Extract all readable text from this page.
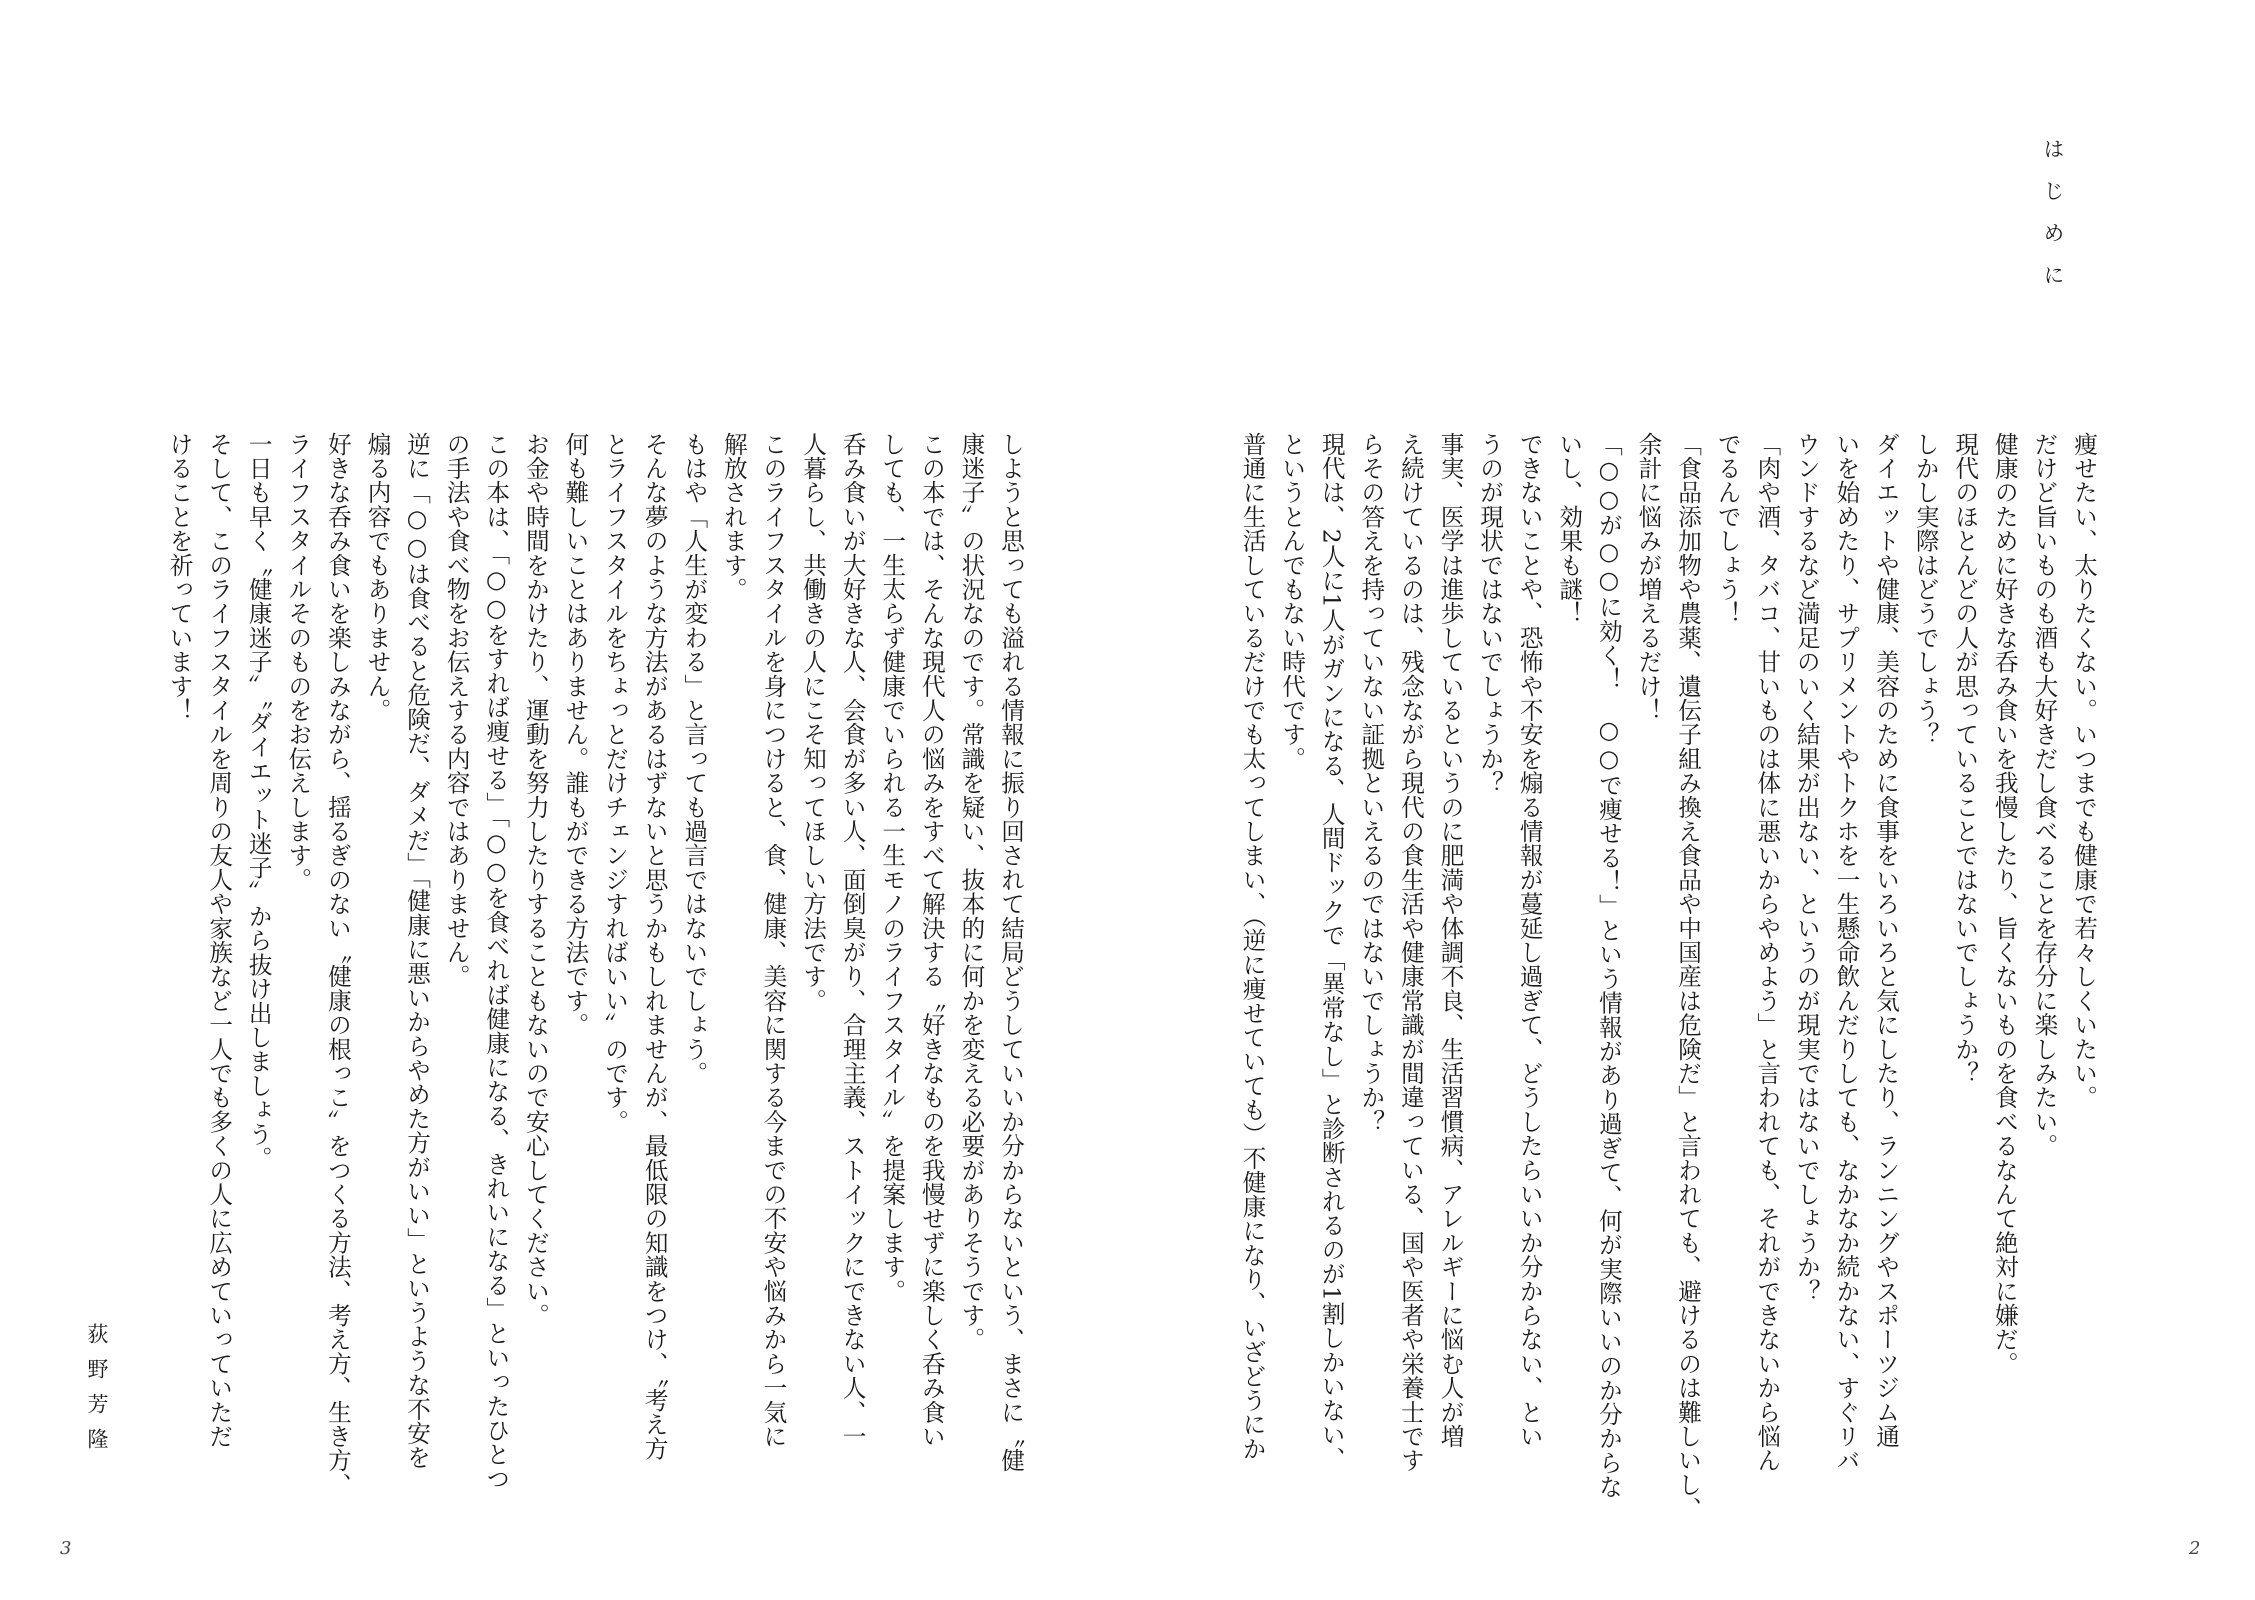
はじめに
痩せたい、太りたくない。いつまでも健康で若々しくいたい。
だけど旨いものも酒も大好きだし食べることを存分に楽しみたい。
健康のために好きな呑み食いを我慢したり、旨くないものを食べるなんて絶対に嫌だ。
現代のほとんどの人が思っていることではないでしょうか？
しかし実際はどうでしょう？
ダイエットや健康、美容のために食事をいろいろと気にしたり、ランニングやスポーツジム通
いを始めたり、サプリメントやトクホを一生懸命飲んだりしても、なかなか続かない、すぐリバ
ウンドするなど満足のいく結果が出ない、というのが現実ではないでしょうか？
「肉や酒、タバコ、甘いものは体に悪いからやめよう」と言われても、それができないから悩ん
でるんでしょう！
「食品添加物や農薬、遺伝子組み換え食品や中国産は危険だ」と言われても、避けるのは難しいし、
余計に悩みが増えるだけ！
「○○が○○に効く！　○○で痩せる！」という情報があり過ぎて、何が実際いいのか分からな
いし、効果も謎！
できないことや、恐怖や不安を煽る情報が蔓延し過ぎて、どうしたらいいか分からない、とい
うのが現状ではないでしょうか？
事実、医学は進歩しているというのに肥満や体調不良、生活習慣病、アレルギーに悩む人が増
え続けているのは、残念ながら現代の食生活や健康常識が間違っている、国や医者や栄養士です
らその答えを持っていない証拠といえるのではないでしょうか？
現代は、2人に1人がガンになる、人間ドックで「異常なし」と診断されるのが1割しかいない、
というとんでもない時代です。
普通に生活しているだけでも太ってしまい、（逆に痩せていても）不健康になり、いざどうにか
2
しようと思っても溢れる情報に振り回されて結局どうしていいか分からないという、まさに〝健
康迷子〟の状況なのです。常識を疑い、抜本的に何かを変える必要がありそうです。
この本では、そんな現代人の悩みをすべて解決する〝好きなものを我慢せずに楽しく呑み食い
しても、一生太らず健康でいられる一生モノのライフスタイル〟を提案します。
呑み食いが大好きな人、会食が多い人、面倒臭がり、合理主義、ストイックにできない人、一
人暮らし、共働きの人にこそ知ってほしい方法です。
このライフスタイルを身につけると、食、健康、美容に関する今までの不安や悩みから一気に
解放されます。
もはや「人生が変わる」と言っても過言ではないでしょう。
そんな夢のような方法があるはずないと思うかもしれませんが、最低限の知識をつけ、〝考え方
とライフスタイルをちょっとだけチェンジすればいい〟のです。
何も難しいことはありません。誰もができる方法です。
お金や時間をかけたり、運動を努力したりすることもないので安心してください。
この本は、「○○をすれば痩せる」「○○を食べれば健康になる、きれいになる」といったひとつ
の手法や食べ物をお伝えする内容ではありません。
逆に「○○は食べると危険だ、ダメだ」「健康に悪いからやめた方がいい」というような不安を
煽る内容でもありません。
好きな呑み食いを楽しみながら、揺るぎのない〝健康の根っこ〟をつくる方法、考え方、生き方、
ライフスタイルそのものをお伝えします。
一日も早く〝健康迷子〟〝ダイエット迷子〟から抜け出しましょう。
そして、このライフスタイルを周りの友人や家族など一人でも多くの人に広めていっていただ
けることを祈っています！
荻野芳隆
3
